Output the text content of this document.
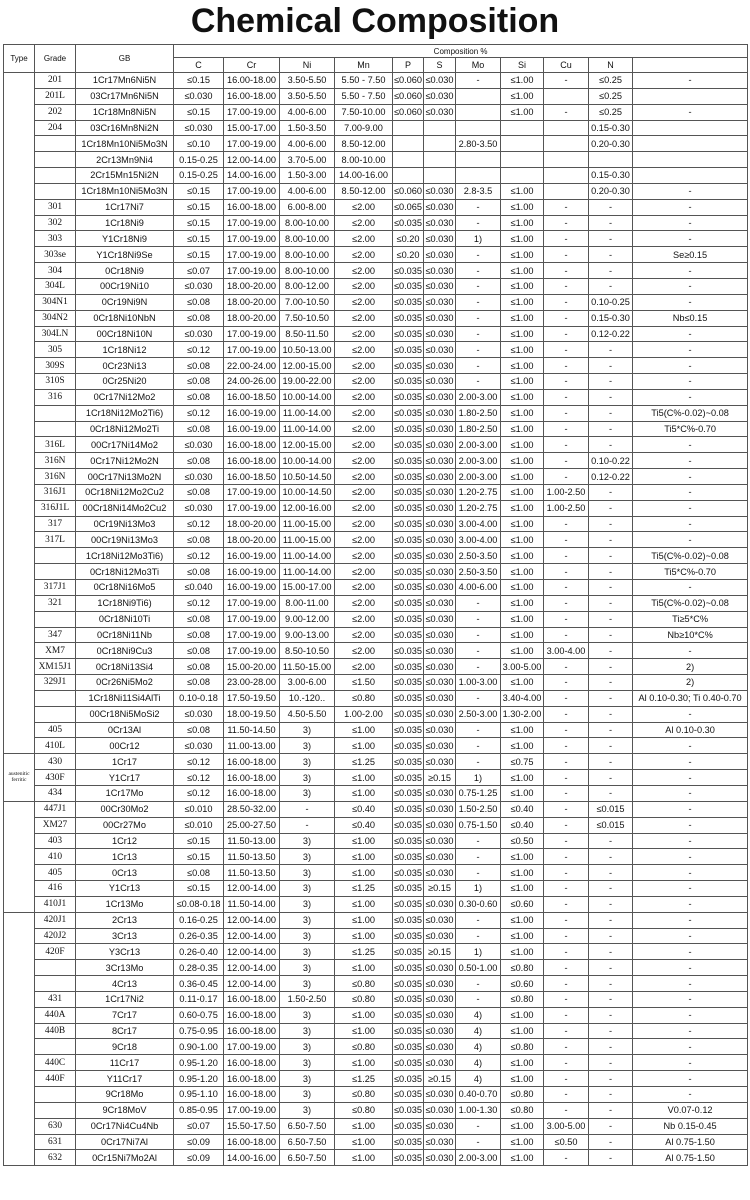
Chemical Composition
Type	Grade	GB	Composition %										
			C	Cr	Ni	Mn	P	S	Mo	Si	Cu	N	
	201	1Cr17Mn6Ni5N	≤0.15	16.00-18.00	3.50-5.50	5.50 - 7.50	≤0.060	≤0.030	-	≤1.00	-	≤0.25	-
	201L	03Cr17Mn6Ni5N	≤0.030	16.00-18.00	3.50-5.50	5.50 - 7.50	≤0.060	≤0.030		≤1.00		≤0.25	
	202	1Cr18Mn8Ni5N	≤0.15	17.00-19.00	4.00-6.00	7.50-10.00	≤0.060	≤0.030		≤1.00	-	≤0.25	-
	204	03Cr16Mn8Ni2N	≤0.030	15.00-17.00	1.50-3.50	7.00-9.00						0.15-0.30	
		1Cr18Mn10Ni5Mo3N	≤0.10	17.00-19.00	4.00-6.00	8.50-12.00			2.80-3.50			0.20-0.30	
		2Cr13Mn9Ni4	0.15-0.25	12.00-14.00	3.70-5.00	8.00-10.00							
		2Cr15Mn15Ni2N	0.15-0.25	14.00-16.00	1.50-3.00	14.00-16.00						0.15-0.30	
		1Cr18Mn10Ni5Mo3N	≤0.15	17.00-19.00	4.00-6.00	8.50-12.00	≤0.060	≤0.030	2.8-3.5	≤1.00		0.20-0.30	-
	301	1Cr17Ni7	≤0.15	16.00-18.00	6.00-8.00	≤2.00	≤0.065	≤0.030	-	≤1.00	-	-	-
	302	1Cr18Ni9	≤0.15	17.00-19.00	8.00-10.00	≤2.00	≤0.035	≤0.030	-	≤1.00	-	-	-
	303	Y1Cr18Ni9	≤0.15	17.00-19.00	8.00-10.00	≤2.00	≤0.20	≤0.030	1)	≤1.00	-	-	-
	303se	Y1Cr18Ni9Se	≤0.15	17.00-19.00	8.00-10.00	≤2.00	≤0.20	≤0.030	-	≤1.00	-	-	Se≥0.15
	304	0Cr18Ni9	≤0.07	17.00-19.00	8.00-10.00	≤2.00	≤0.035	≤0.030	-	≤1.00	-	-	-
	304L	00Cr19Ni10	≤0.030	18.00-20.00	8.00-12.00	≤2.00	≤0.035	≤0.030	-	≤1.00	-	-	-
	304N1	0Cr19Ni9N	≤0.08	18.00-20.00	7.00-10.50	≤2.00	≤0.035	≤0.030	-	≤1.00	-	0.10-0.25	-
	304N2	0Cr18Ni10NbN	≤0.08	18.00-20.00	7.50-10.50	≤2.00	≤0.035	≤0.030	-	≤1.00	-	0.15-0.30	Nb≤0.15
	304LN	00Cr18Ni10N	≤0.030	17.00-19.00	8.50-11.50	≤2.00	≤0.035	≤0.030	-	≤1.00	-	0.12-0.22	-
	305	1Cr18Ni12	≤0.12	17.00-19.00	10.50-13.00	≤2.00	≤0.035	≤0.030	-	≤1.00	-	-	-
	309S	0Cr23Ni13	≤0.08	22.00-24.00	12.00-15.00	≤2.00	≤0.035	≤0.030	-	≤1.00	-	-	-
	310S	0Cr25Ni20	≤0.08	24.00-26.00	19.00-22.00	≤2.00	≤0.035	≤0.030	-	≤1.00	-	-	-
	316	0Cr17Ni12Mo2	≤0.08	16.00-18.50	10.00-14.00	≤2.00	≤0.035	≤0.030	2.00-3.00	≤1.00	-	-	-
		1Cr18Ni12Mo2Ti6)	≤0.12	16.00-19.00	11.00-14.00	≤2.00	≤0.035	≤0.030	1.80-2.50	≤1.00	-	-	Ti5(C%-0.02)~0.08
		0Cr18Ni12Mo2Ti	≤0.08	16.00-19.00	11.00-14.00	≤2.00	≤0.035	≤0.030	1.80-2.50	≤1.00	-	-	Ti5*C%-0.70
	316L	00Cr17Ni14Mo2	≤0.030	16.00-18.00	12.00-15.00	≤2.00	≤0.035	≤0.030	2.00-3.00	≤1.00	-	-	-
	316N	0Cr17Ni12Mo2N	≤0.08	16.00-18.00	10.00-14.00	≤2.00	≤0.035	≤0.030	2.00-3.00	≤1.00	-	0.10-0.22	-
	316N	00Cr17Ni13Mo2N	≤0.030	16.00-18.50	10.50-14.50	≤2.00	≤0.035	≤0.030	2.00-3.00	≤1.00	-	0.12-0.22	-
	316J1	0Cr18Ni12Mo2Cu2	≤0.08	17.00-19.00	10.00-14.50	≤2.00	≤0.035	≤0.030	1.20-2.75	≤1.00	1.00-2.50	-	-
	316J1L	00Cr18Ni14Mo2Cu2	≤0.030	17.00-19.00	12.00-16.00	≤2.00	≤0.035	≤0.030	1.20-2.75	≤1.00	1.00-2.50	-	-
	317	0Cr19Ni13Mo3	≤0.12	18.00-20.00	11.00-15.00	≤2.00	≤0.035	≤0.030	3.00-4.00	≤1.00	-	-	-
	317L	00Cr19Ni13Mo3	≤0.08	18.00-20.00	11.00-15.00	≤2.00	≤0.035	≤0.030	3.00-4.00	≤1.00	-	-	-
		1Cr18Ni12Mo3Ti6)	≤0.12	16.00-19.00	11.00-14.00	≤2.00	≤0.035	≤0.030	2.50-3.50	≤1.00	-	-	Ti5(C%-0.02)~0.08
		0Cr18Ni12Mo3Ti	≤0.08	16.00-19.00	11.00-14.00	≤2.00	≤0.035	≤0.030	2.50-3.50	≤1.00	-	-	Ti5*C%-0.70
	317J1	0Cr18Ni16Mo5	≤0.040	16.00-19.00	15.00-17.00	≤2.00	≤0.035	≤0.030	4.00-6.00	≤1.00	-	-	-
	321	1Cr18Ni9Ti6)	≤0.12	17.00-19.00	8.00-11.00	≤2.00	≤0.035	≤0.030	-	≤1.00	-	-	Ti5(C%-0.02)~0.08
		0Cr18Ni10Ti	≤0.08	17.00-19.00	9.00-12.00	≤2.00	≤0.035	≤0.030	-	≤1.00	-	-	Ti≥5*C%
	347	0Cr18Ni11Nb	≤0.08	17.00-19.00	9.00-13.00	≤2.00	≤0.035	≤0.030	-	≤1.00	-	-	Nb≥10*C%
	XM7	0Cr18Ni9Cu3	≤0.08	17.00-19.00	8.50-10.50	≤2.00	≤0.035	≤0.030	-	≤1.00	3.00-4.00	-	-
	XM15J1	0Cr18Ni13Si4	≤0.08	15.00-20.00	11.50-15.00	≤2.00	≤0.035	≤0.030	-	3.00-5.00	-	-	2)
	329J1	0Cr26Ni5Mo2	≤0.08	23.00-28.00	3.00-6.00	≤1.50	≤0.035	≤0.030	1.00-3.00	≤1.00	-	-	2)
		1Cr18Ni11Si4AlTi	0.10-0.18	17.50-19.50	10.-120..	≤0.80	≤0.035	≤0.030	-	3.40-4.00	-	-	Al 0.10-0.30; Ti 0.40-0.70
		00Cr18Ni5MoSi2	≤0.030	18.00-19.50	4.50-5.50	1.00-2.00	≤0.035	≤0.030	2.50-3.00	1.30-2.00	-	-	-
	405	0Cr13Al	≤0.08	11.50-14.50	3)	≤1.00	≤0.035	≤0.030	-	≤1.00	-	-	Al 0.10-0.30
	410L	00Cr12	≤0.030	11.00-13.00	3)	≤1.00	≤0.035	≤0.030	-	≤1.00	-	-	-
austenitic ferritic	430	1Cr17	≤0.12	16.00-18.00	3)	≤1.25	≤0.035	≤0.030	-	≤0.75	-	-	-
	430F	Y1Cr17	≤0.12	16.00-18.00	3)	≤1.00	≤0.035	≥0.15	1)	≤1.00	-	-	-
	434	1Cr17Mo	≤0.12	16.00-18.00	3)	≤1.00	≤0.035	≤0.030	0.75-1.25	≤1.00	-	-	-
	447J1	00Cr30Mo2	≤0.010	28.50-32.00	-	≤0.40	≤0.035	≤0.030	1.50-2.50	≤0.40	-	≤0.015	-
	XM27	00Cr27Mo	≤0.010	25.00-27.50	-	≤0.40	≤0.035	≤0.030	0.75-1.50	≤0.40	-	≤0.015	-
	403	1Cr12	≤0.15	11.50-13.00	3)	≤1.00	≤0.035	≤0.030	-	≤0.50	-	-	-
	410	1Cr13	≤0.15	11.50-13.50	3)	≤1.00	≤0.035	≤0.030	-	≤1.00	-	-	-
	405	0Cr13	≤0.08	11.50-13.50	3)	≤1.00	≤0.035	≤0.030	-	≤1.00	-	-	-
	416	Y1Cr13	≤0.15	12.00-14.00	3)	≤1.25	≤0.035	≥0.15	1)	≤1.00	-	-	-
	410J1	1Cr13Mo	≤0.08-0.18	11.50-14.00	3)	≤1.00	≤0.035	≤0.030	0.30-0.60	≤0.60	-	-	-
	420J1	2Cr13	0.16-0.25	12.00-14.00	3)	≤1.00	≤0.035	≤0.030	-	≤1.00	-	-	-
	420J2	3Cr13	0.26-0.35	12.00-14.00	3)	≤1.00	≤0.035	≤0.030	-	≤1.00	-	-	-
	420F	Y3Cr13	0.26-0.40	12.00-14.00	3)	≤1.25	≤0.035	≥0.15	1)	≤1.00	-	-	-
		3Cr13Mo	0.28-0.35	12.00-14.00	3)	≤1.00	≤0.035	≤0.030	0.50-1.00	≤0.80	-	-	-
		4Cr13	0.36-0.45	12.00-14.00	3)	≤0.80	≤0.035	≤0.030	-	≤0.60	-	-	-
	431	1Cr17Ni2	0.11-0.17	16.00-18.00	1.50-2.50	≤0.80	≤0.035	≤0.030	-	≤0.80	-	-	-
	440A	7Cr17	0.60-0.75	16.00-18.00	3)	≤1.00	≤0.035	≤0.030	4)	≤1.00	-	-	-
	440B	8Cr17	0.75-0.95	16.00-18.00	3)	≤1.00	≤0.035	≤0.030	4)	≤1.00	-	-	-
		9Cr18	0.90-1.00	17.00-19.00	3)	≤0.80	≤0.035	≤0.030	4)	≤0.80	-	-	-
	440C	11Cr17	0.95-1.20	16.00-18.00	3)	≤1.00	≤0.035	≤0.030	4)	≤1.00	-	-	-
	440F	Y11Cr17	0.95-1.20	16.00-18.00	3)	≤1.25	≤0.035	≥0.15	4)	≤1.00	-	-	-
		9Cr18Mo	0.95-1.10	16.00-18.00	3)	≤0.80	≤0.035	≤0.030	0.40-0.70	≤0.80	-	-	-
		9Cr18MoV	0.85-0.95	17.00-19.00	3)	≤0.80	≤0.035	≤0.030	1.00-1.30	≤0.80	-	-	V0.07-0.12
	630	0Cr17Ni4Cu4Nb	≤0.07	15.50-17.50	6.50-7.50	≤1.00	≤0.035	≤0.030	-	≤1.00	3.00-5.00	-	Nb 0.15-0.45
	631	0Cr17Ni7Al	≤0.09	16.00-18.00	6.50-7.50	≤1.00	≤0.035	≤0.030	-	≤1.00	≤0.50	-	Al 0.75-1.50
	632	0Cr15Ni7Mo2Al	≤0.09	14.00-16.00	6.50-7.50	≤1.00	≤0.035	≤0.030	2.00-3.00	≤1.00	-	-	Al 0.75-1.50
